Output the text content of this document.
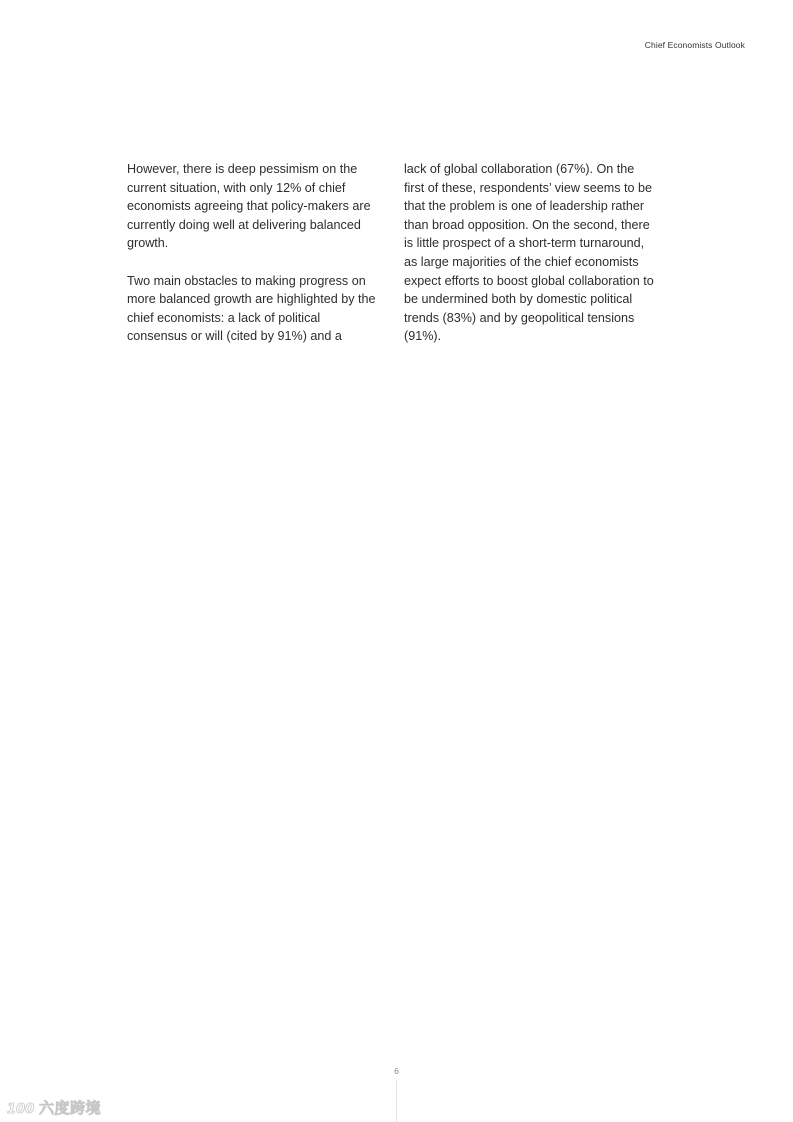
Chief Economists Outlook

However, there is deep pessimism on the current situation, with only 12% of chief economists agreeing that policy-makers are currently doing well at delivering balanced growth.

Two main obstacles to making progress on more balanced growth are highlighted by the chief economists: a lack of political consensus or will (cited by 91%) and a

lack of global collaboration (67%). On the first of these, respondents’ view seems to be that the problem is one of leadership rather than broad opposition. On the second, there is little prospect of a short-term turnaround, as large majorities of the chief economists expect efforts to boost global collaboration to be undermined both by domestic political trends (83%) and by geopolitical tensions (91%).

6
100 六度跨境
